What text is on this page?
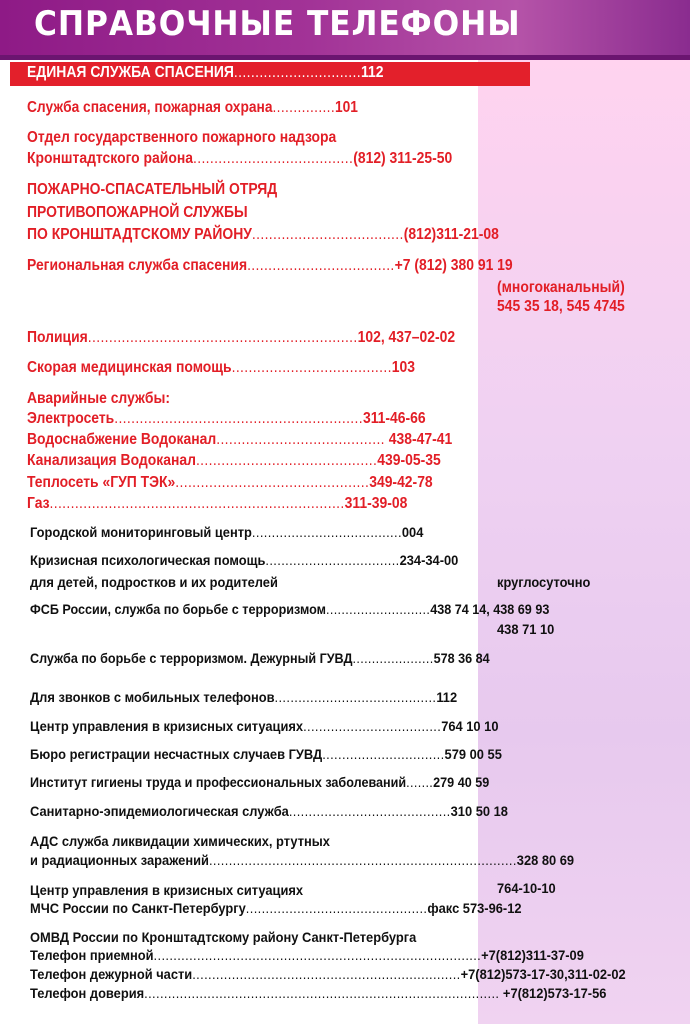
СПРАВОЧНЫЕ ТЕЛЕФОНЫ
ЕДИНАЯ СЛУЖБА СПАСЕНИЯ..............................112
Служба спасения, пожарная охрана...............101
Отдел государственного пожарного надзора
Кронштадтского района......................................(812) 311-25-50
ПОЖАРНО-СПАСАТЕЛЬНЫЙ ОТРЯД
ПРОТИВОПОЖАРНОЙ СЛУЖБЫ
ПО КРОНШТАДТСКОМУ РАЙОНУ....................................(812)311-21-08
Региональная служба спасения...................................+7 (812) 380 91 19
(многоканальный)
545 35 18, 545 4745
Полиция................................................................102, 437–02-02
Скорая медицинская помощь......................................103
Аварийные службы:
Электросеть...........................................................311-46-66
Водоснабжение Водоканал........................................ 438-47-41
Канализация Водоканал...........................................439-05-35
Теплосеть «ГУП ТЭК»..............................................349-42-78
Газ......................................................................311-39-08
Городской мониторинговый центр......................................004
Кризисная психологическая помощь..................................234-34-00
для детей, подростков и их родителей	круглосуточно
ФСБ России, служба по борьбе с терроризмом...........................438 74 14, 438 69 93
438 71 10
Служба по борьбе с терроризмом. Дежурный ГУВД.....................578 36 84
Для звонков с мобильных телефонов.........................................112
Центр управления в кризисных ситуациях...................................764 10 10
Бюро регистрации несчастных случаев ГУВД...............................579 00 55
Институт гигиены труда и профессиональных заболеваний.......279 40 59
Санитарно-эпидемиологическая служба.........................................310 50 18
АДС служба ликвидации химических, ртутных
и радиационных заражений..............................................................................328 80 69
Центр управления в кризисных ситуациях	764-10-10
МЧС России по Санкт-Петербургу..............................................факс 573-96-12
ОМВД России по Кронштадтскому району Санкт-Петербурга
Телефон приемной...................................................................................+7(812)311-37-09
Телефон дежурной части....................................................................+7(812)573-17-30,311-02-02
Телефон доверия.......................................................................................... +7(812)573-17-56
